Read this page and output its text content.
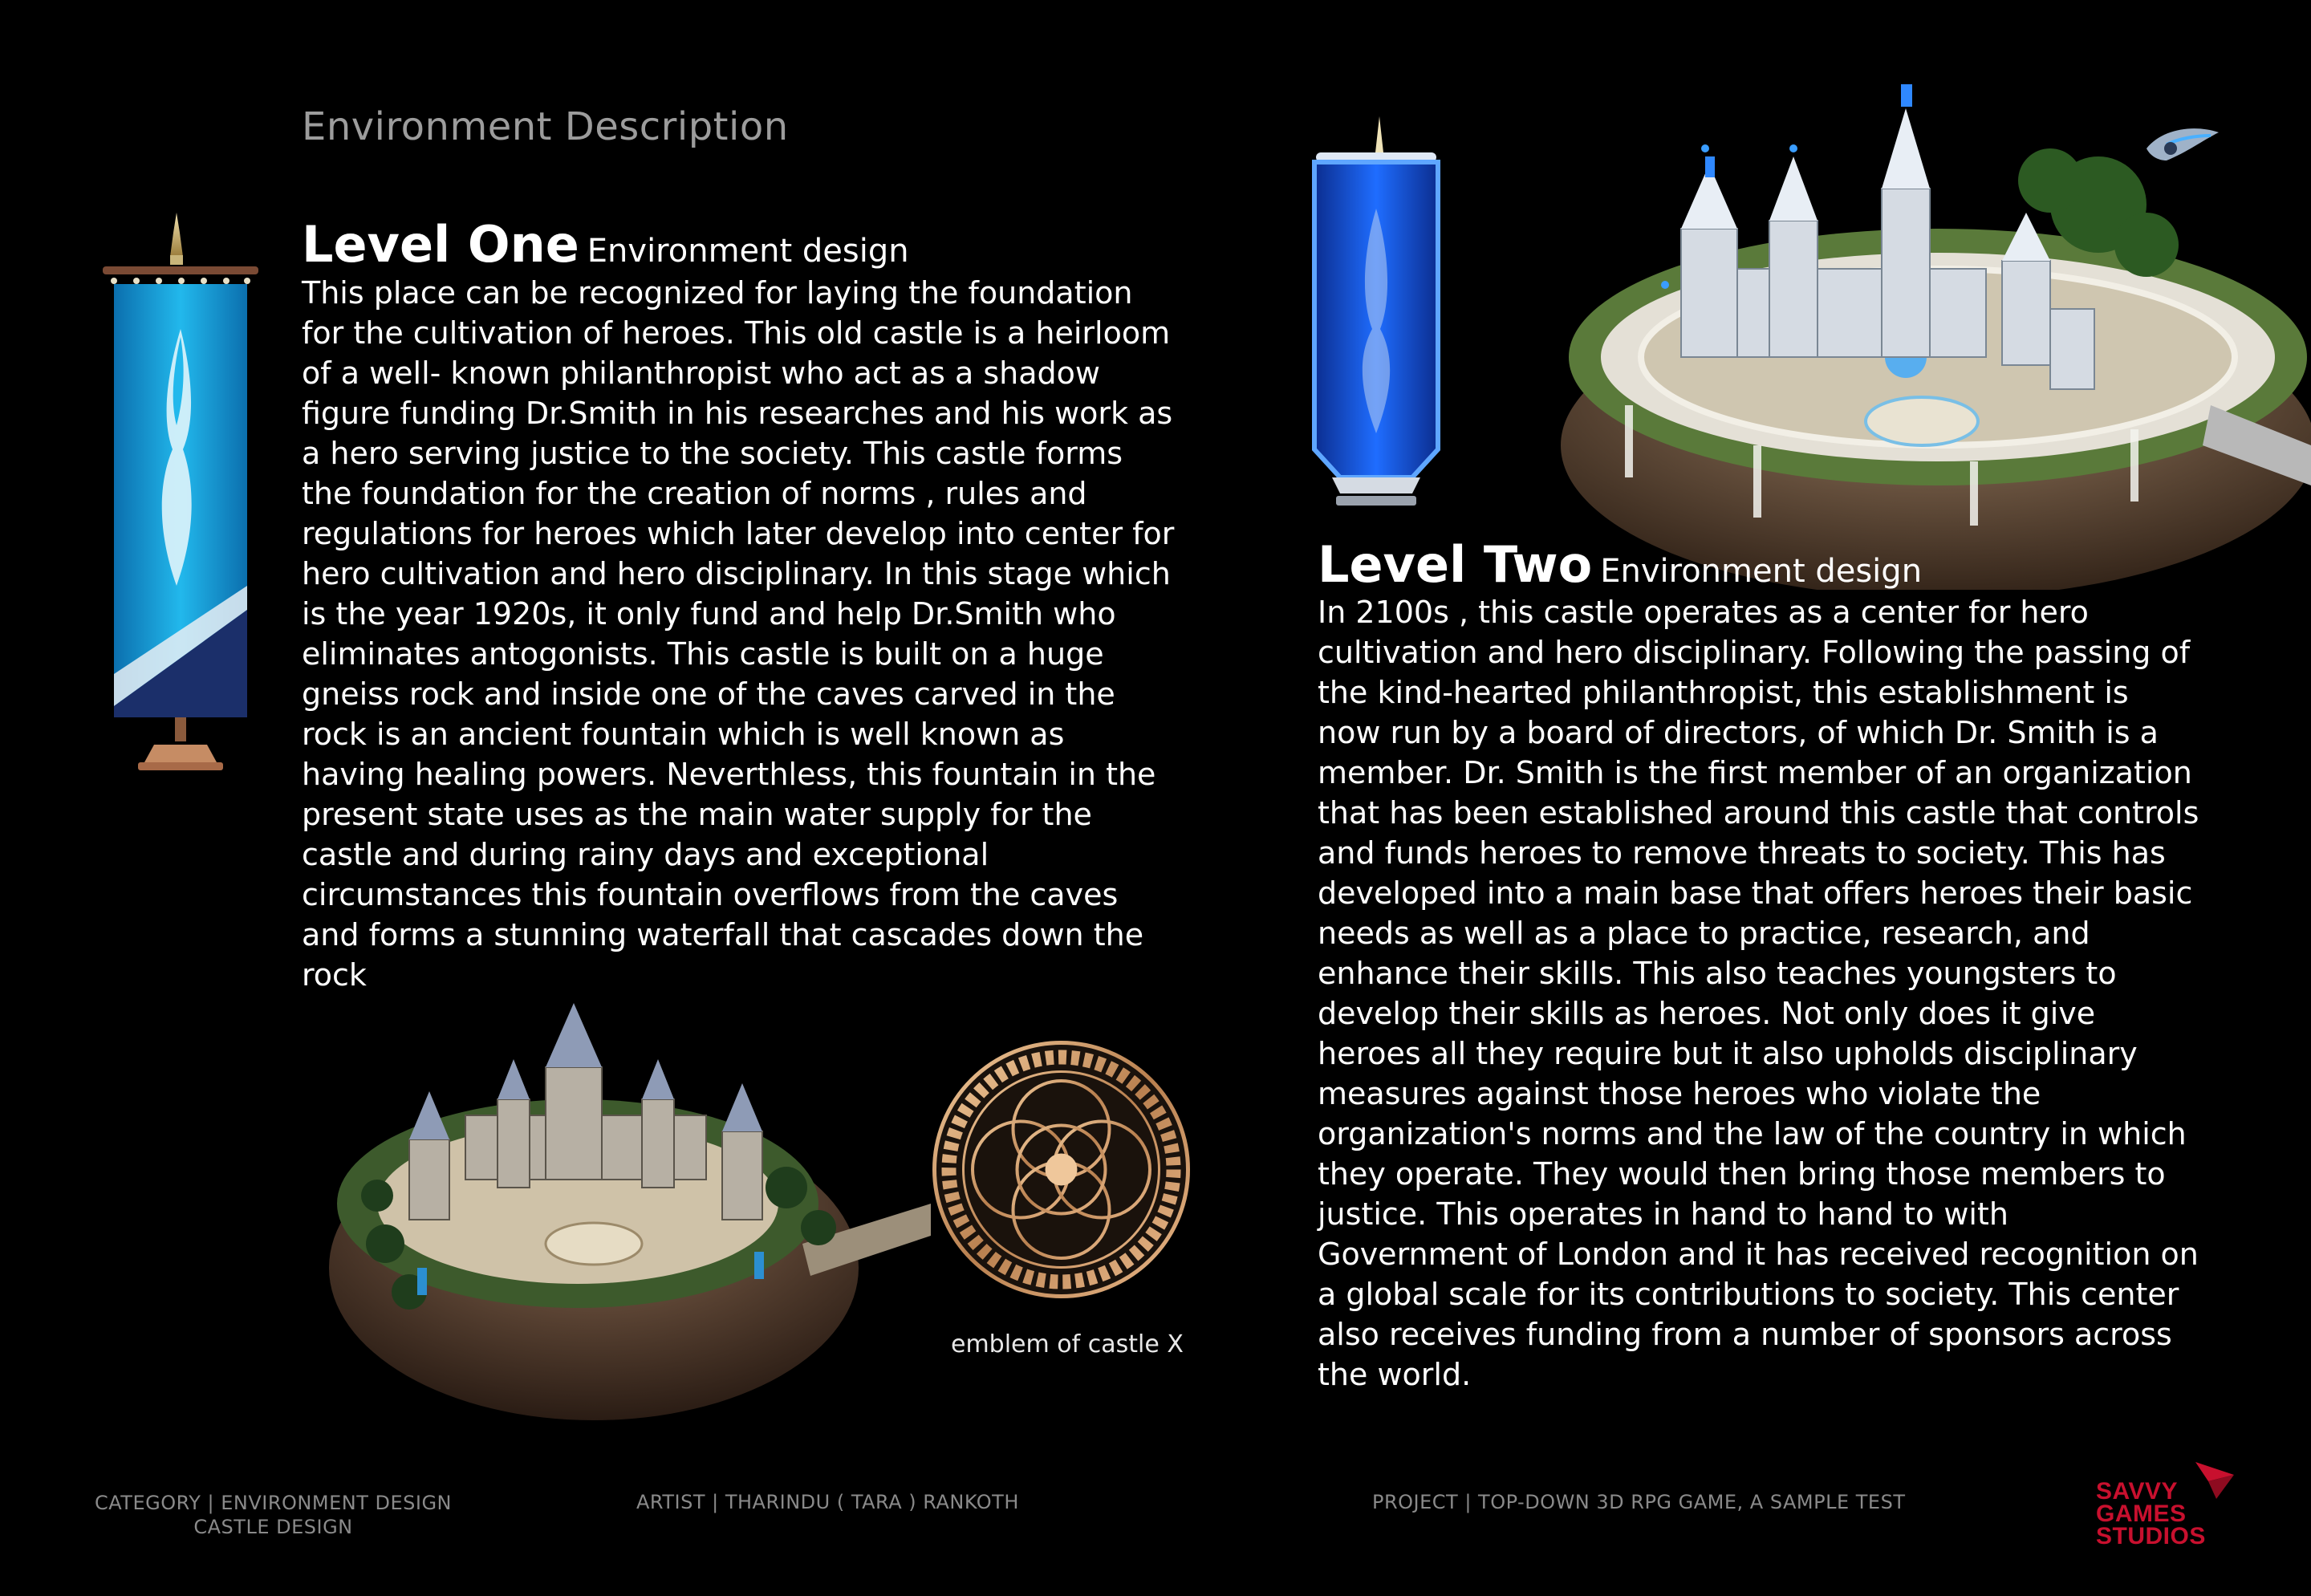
Environment Description
Level One Environment design
This place can be recognized for laying the foundation for the cultivation of heroes. This old castle is a heirloom of a well- known philanthropist who act as a shadow figure funding Dr.Smith in his researches and his work as a hero serving justice to the society. This castle forms the foundation for the creation of norms , rules and regulations for heroes which later develop into center for hero cultivation and hero disciplinary. In this stage which is the year 1920s, it only fund and help Dr.Smith who eliminates antogonists. This castle is built on a huge gneiss rock and inside one of the caves carved in the rock is an ancient fountain which is well known as having healing powers. Neverthless, this fountain in the present state uses as the main water supply for the castle and during rainy days and exceptional circumstances this fountain overflows from the caves and forms a stunning waterfall that cascades down the rock
emblem of castle X
Level Two Environment design
In 2100s , this castle operates as a center for hero cultivation and hero disciplinary. Following the passing of the kind-hearted philanthropist, this establishment is now run by a board of directors, of which Dr. Smith is a member. Dr. Smith is the first member of an organization that has been established around this castle that controls and funds heroes to remove threats to society. This has developed into a main base that offers heroes their basic needs as well as a place to practice, research, and enhance their skills. This also teaches youngsters to develop their skills as heroes. Not only does it give heroes all they require but it also upholds disciplinary measures against those heroes who violate the organization's norms and the law of the country in which they operate. They would then bring those members to justice. This operates in hand to hand to with Government of London and it has received recognition on a global scale for its contributions to society. This center also receives funding from a number of sponsors across the world.
CATEGORY | ENVIRONMENT DESIGN
CASTLE DESIGN
ARTIST | THARINDU ( TARA ) RANKOTH	PROJECT | TOP-DOWN 3D RPG GAME, A SAMPLE TEST	SAVVY
GAMES
STUDIOS
